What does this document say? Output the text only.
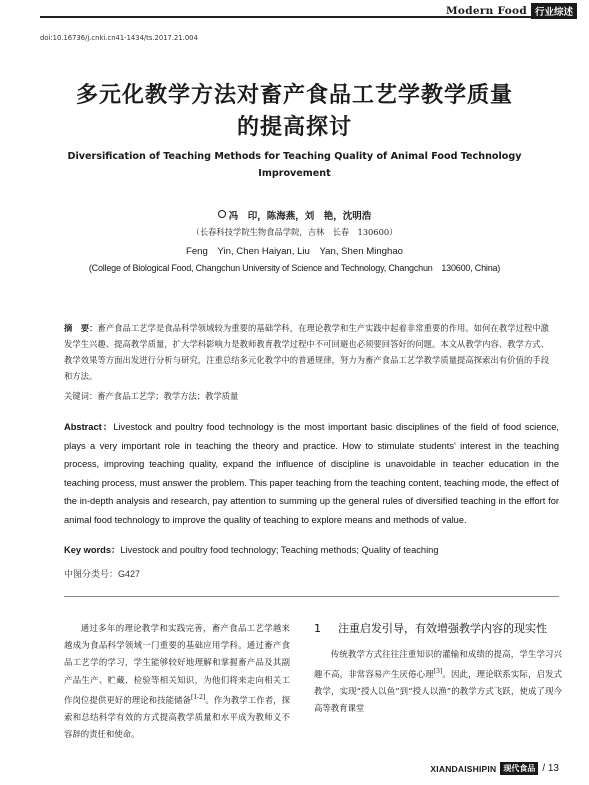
Modern Food 行业综述
doi:10.16736/j.cnki.cn41-1434/ts.2017.21.004
多元化教学方法对畜产食品工艺学教学质量
的提高探讨
Diversification of Teaching Methods for Teaching Quality of Animal Food Technology
Improvement
冯　印，陈海燕，刘　艳，沈明浩
（长春科技学院生物食品学院，吉林　长春　130600）
Feng　Yin, Chen Haiyan, Liu　Yan, Shen Minghao
(College of Biological Food, Changchun University of Science and Technology, Changchun　130600, China)
摘　要：畜产食品工艺学是食品科学领域较为重要的基础学科，在理论教学和生产实践中起着非常重要的作用。如何在教学过程中激发学生兴趣、提高教学质量，扩大学科影响力是教师教育教学过程中不可回避也必须要回答好的问题。本文从教学内容、教学方式、教学效果等方面出发进行分析与研究，注重总结多元化教学中的普通规律，努力为畜产食品工艺学教学质量提高探索出有价值的手段和方法。
关键词：畜产食品工艺学；教学方法；教学质量
Abstract：Livestock and poultry food technology is the most important basic disciplines of the field of food science, plays a very important role in teaching the theory and practice. How to stimulate students' interest in the teaching process, improving teaching quality, expand the influence of discipline is unavoidable in teacher education in the teaching process, must answer the problem. This paper teaching from the teaching content, teaching mode, the effect of the in-depth analysis and research, pay attention to summing up the general rules of diversified teaching in the effort for animal food technology to improve the quality of teaching to explore means and methods of value.
Key words：Livestock and poultry food technology; Teaching methods; Quality of teaching
中图分类号：G427

通过多年的理论教学和实践完善，畜产食品工艺学越来越成为食品科学领域一门重要的基础应用学科。通过畜产食品工艺学的学习，学生能够较好地理解和掌握畜产品及其副产品生产、贮藏、检验等相关知识，为他们将来走向相关工作岗位提供更好的理论和技能储备[1-2]。作为教学工作者，探索和总结科学有效的方式提高教学质量和水平成为教师义不容辞的责任和使命。

1	注重启发引导，有效增强教学内容的现实性

传统教学方式往往注重知识的灌输和成绩的提高，学生学习兴趣不高，非常容易产生厌倦心理[3]。因此，理论联系实际，启发式教学，实现“授人以鱼”到“授人以渔”的教学方式飞跃，使成了现今高等教育课堂

XIANDAISHIPIN 现代食品 / 13
